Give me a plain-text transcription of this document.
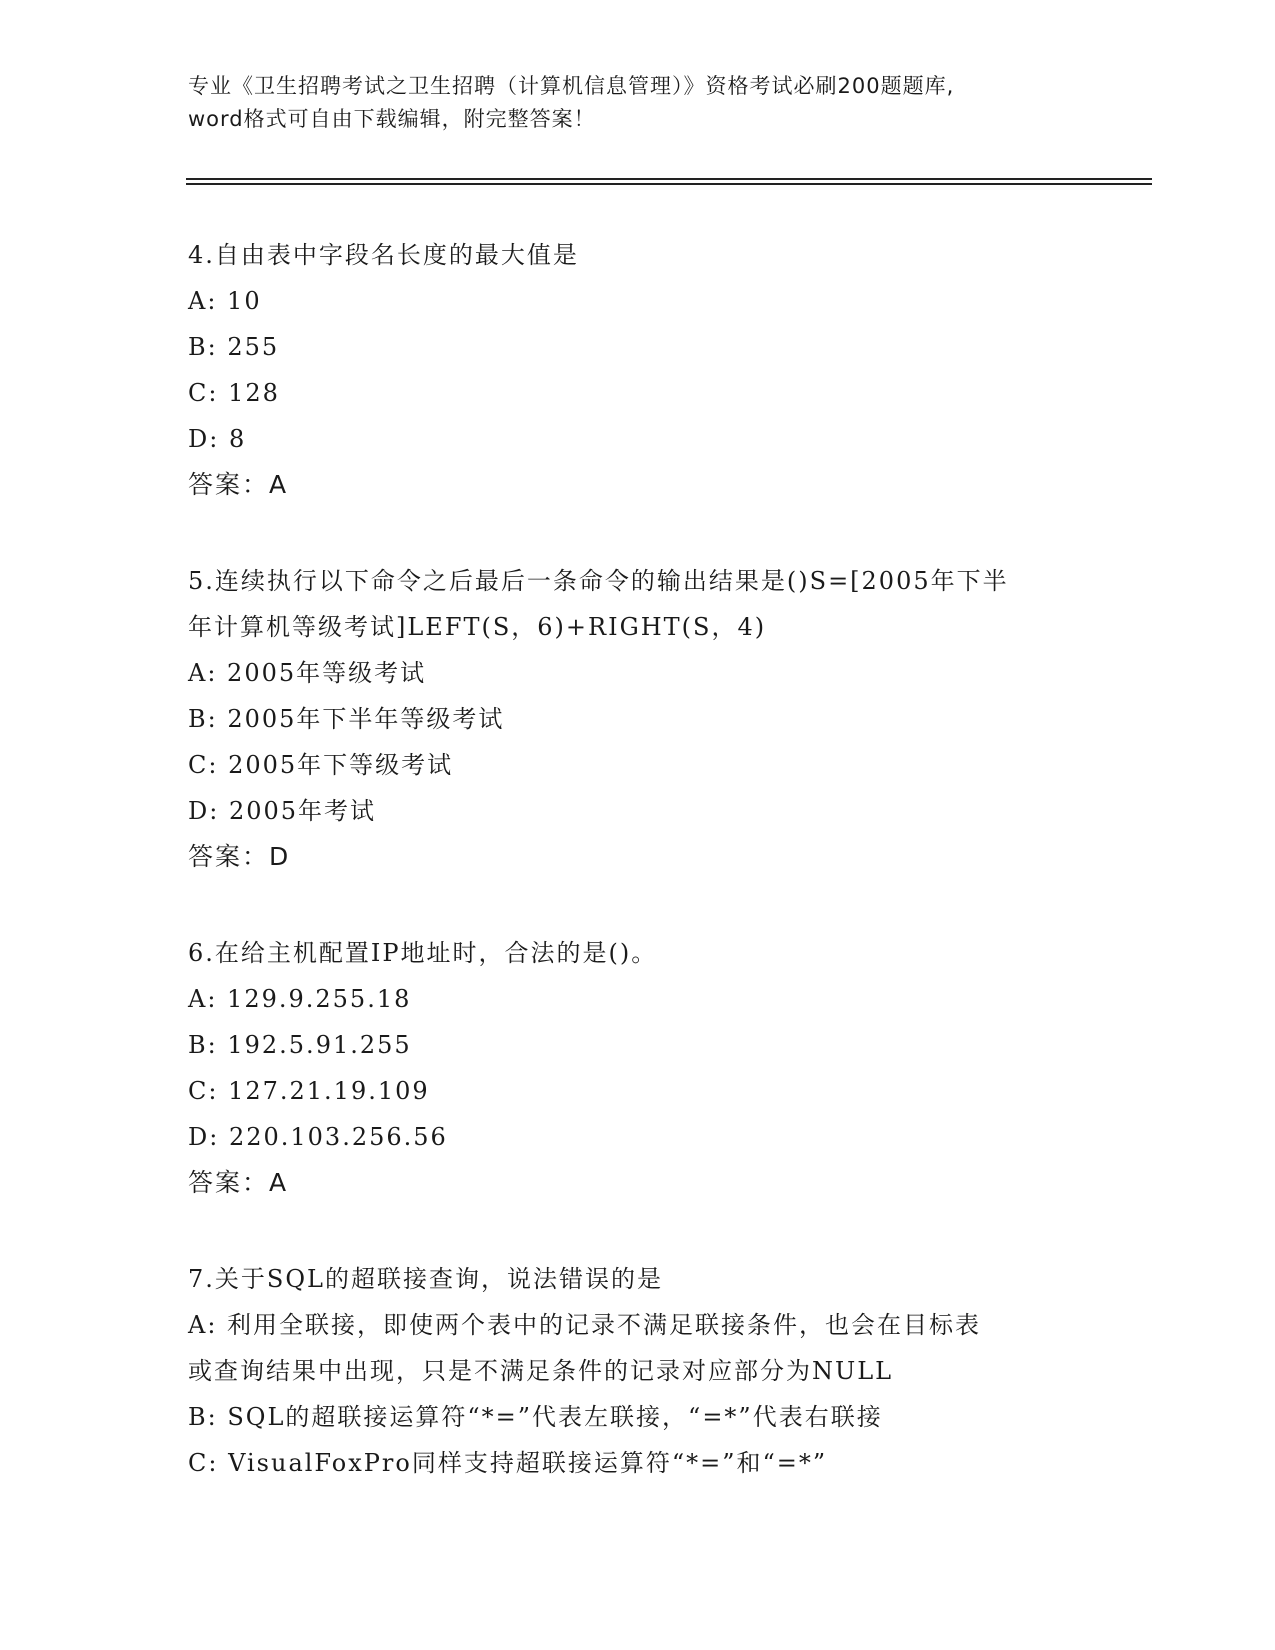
专业《卫生招聘考试之卫生招聘（计算机信息管理）》资格考试必刷200题题库,
word格式可自由下载编辑，附完整答案！
4.自由表中字段名长度的最大值是
A: 10
B: 255
C: 128
D: 8
答案：A
5.连续执行以下命令之后最后一条命令的输出结果是()S=[2005年下半
年计算机等级考试]LEFT(S，6)+RIGHT(S，4)
A: 2005年等级考试
B: 2005年下半年等级考试
C: 2005年下等级考试
D: 2005年考试
答案：D
6.在给主机配置IP地址时，合法的是()。
A: 129.9.255.18
B: 192.5.91.255
C: 127.21.19.109
D: 220.103.256.56
答案：A
7.关于SQL的超联接查询，说法错误的是
A: 利用全联接，即使两个表中的记录不满足联接条件，也会在目标表
或查询结果中出现，只是不满足条件的记录对应部分为NULL
B: SQL的超联接运算符“*=”代表左联接，“=*”代表右联接
C: VisualFoxPro同样支持超联接运算符“*=”和“=*”
